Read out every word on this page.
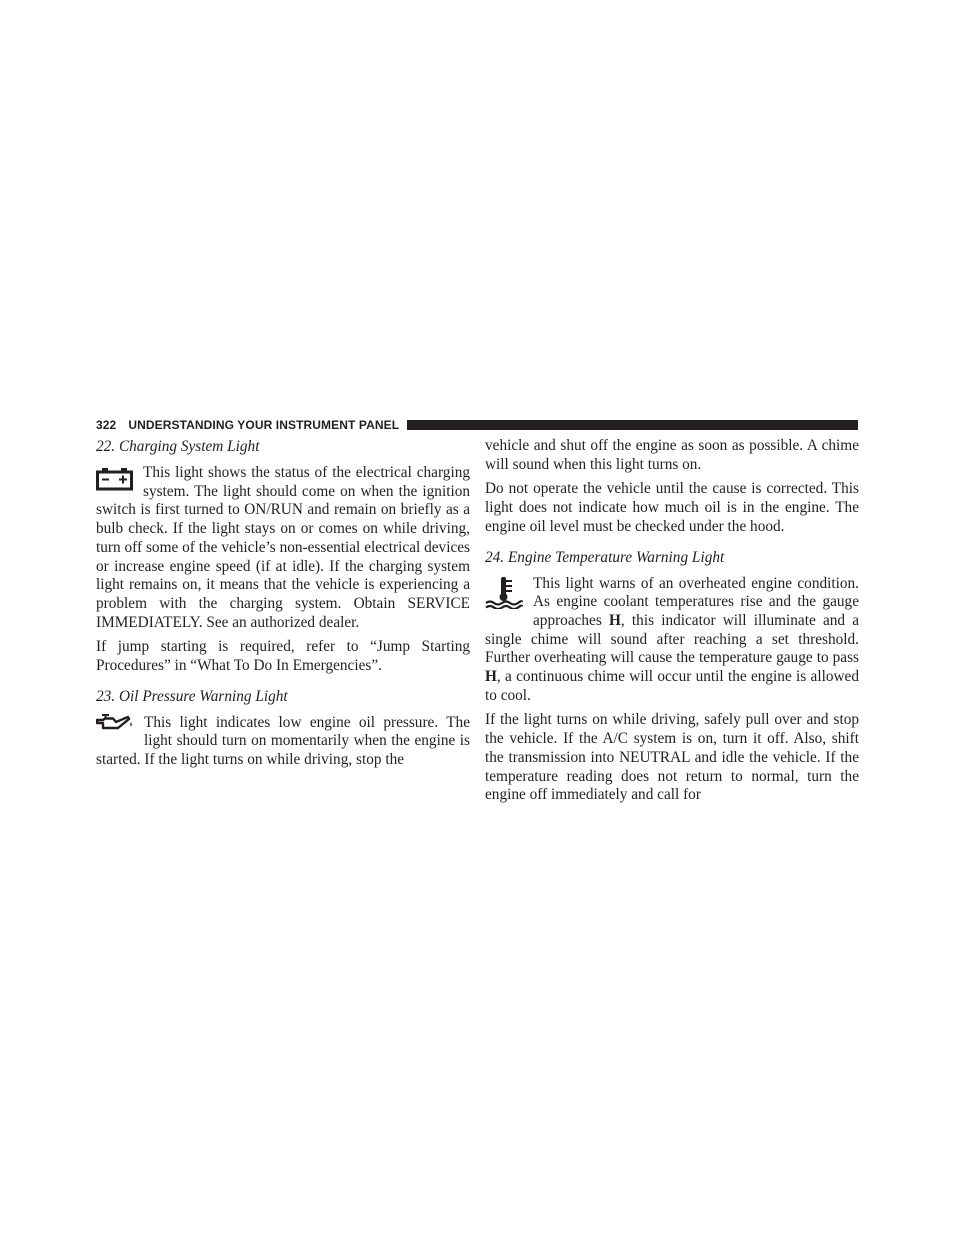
322 UNDERSTANDING YOUR INSTRUMENT PANEL
22. Charging System Light

This light shows the status of the electrical charging system. The light should come on when the ignition switch is first turned to ON/RUN and remain on briefly as a bulb check. If the light stays on or comes on while driving, turn off some of the vehicle’s non-essential electrical devices or increase engine speed (if at idle). If the charging system light remains on, it means that the vehicle is experiencing a problem with the charging system. Obtain SERVICE IMMEDIATELY. See an authorized dealer.

If jump starting is required, refer to “Jump Starting Procedures” in “What To Do In Emergencies”.

23. Oil Pressure Warning Light

This light indicates low engine oil pressure. The light should turn on momentarily when the engine is started. If the light turns on while driving, stop the

vehicle and shut off the engine as soon as possible. A chime will sound when this light turns on.

Do not operate the vehicle until the cause is corrected. This light does not indicate how much oil is in the engine. The engine oil level must be checked under the hood.

24. Engine Temperature Warning Light

This light warns of an overheated engine condition. As engine coolant temperatures rise and the gauge approaches H, this indicator will illuminate and a single chime will sound after reaching a set threshold. Further overheating will cause the temperature gauge to pass H, a continuous chime will occur until the engine is allowed to cool.

If the light turns on while driving, safely pull over and stop the vehicle. If the A/C system is on, turn it off. Also, shift the transmission into NEUTRAL and idle the vehicle. If the temperature reading does not return to normal, turn the engine off immediately and call for
